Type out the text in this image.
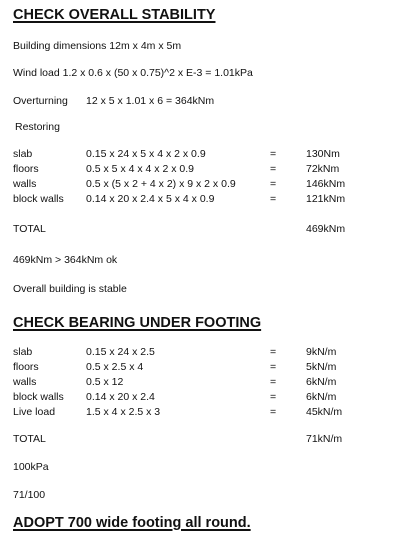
CHECK OVERALL STABILITY
Building dimensions 12m x 4m x 5m
Wind load 1.2 x 0.6 x (50 x 0.75)^2 x E-3 = 1.01kPa
Overturning 12 x 5 x 1.01 x 6 = 364kNm
Restoring
slab	0.15 x 24 x 5 x 4 x 2 x 0.9	=	130Nm
floors	0.5 x 5 x 4 x 4 x 2 x 0.9	=	72kNm
walls	0.5 x (5 x 2 + 4 x 2) x 9 x 2 x 0.9	=	146kNm
block walls 0.14 x 20 x 2.4 x 5 x 4 x 0.9	=	121kNm
TOTAL	469kNm
469kNm > 364kNm ok
Overall building is stable
CHECK BEARING UNDER FOOTING
slab	0.15 x 24 x 2.5	=	9kN/m
floors	0.5 x 2.5 x 4	=	5kN/m
walls	0.5 x 12	=	6kN/m
block walls 0.14 x 20 x 2.4	=	6kN/m
Live load	1.5 x 4 x 2.5 x 3	=	45kN/m
TOTAL	71kN/m
100kPa
71/100
ADOPT 700 wide footing all round.
